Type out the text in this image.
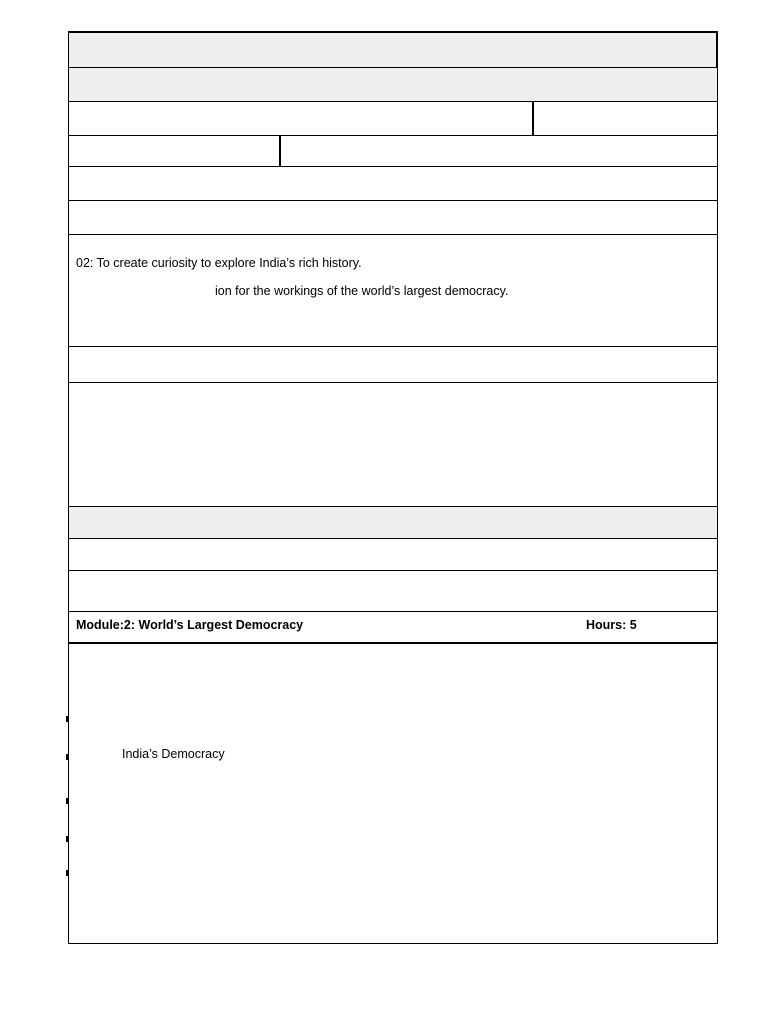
02: To create curiosity to explore India’s rich history.
ion for the workings of the world’s largest democracy.
Module:2: World’s Largest Democracy	Hours: 5
India’s Democracy
